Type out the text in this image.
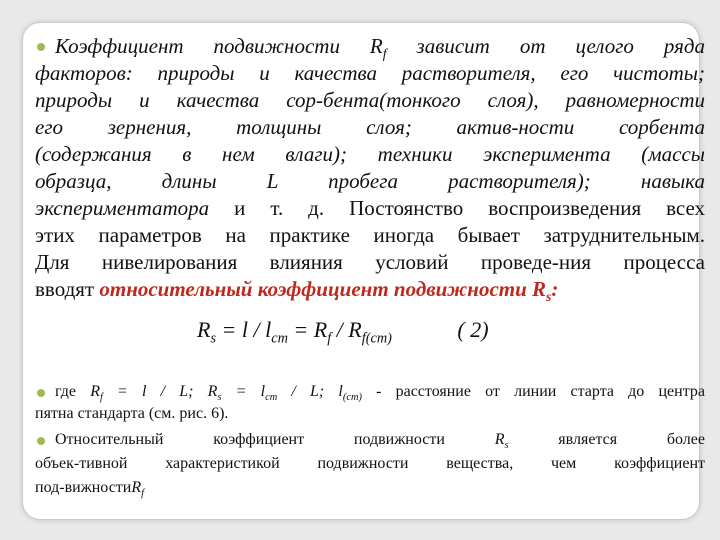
Коэффициент подвижности $R_f$ зависит от целого ряда
факторов: природы и качества растворителя, его чистоты;
природы и качества сор-бента(тонкого слоя), равномерности
его зернения, толщины слоя; актив-ности сорбента
(содержания в нем влаги); техники эксперимента (массы
образца, длины L пробега растворителя); навыка
экспериментатора и т. д. Постоянство воспроизведения всех
этих параметров на практике иногда бывает затруднительным.
Для нивелирования влияния условий проведе-ния процесса
вводят относительный коэффициент подвижности $R_s$:
$R_s = l / l_{ст} = R_f / R_{f(ст)}$	( 2)
где $R_f = l / L$; $R_s = l_{ст} / L$; $l_{(ст)}$ - расстояние от линии старта до центра
пятна стандарта (см. рис. 6).
Относительный коэффициент подвижности $R_s$ является более
объек-тивной характеристикой подвижности вещества, чем коэффициент
под-вижностиR$_f$
